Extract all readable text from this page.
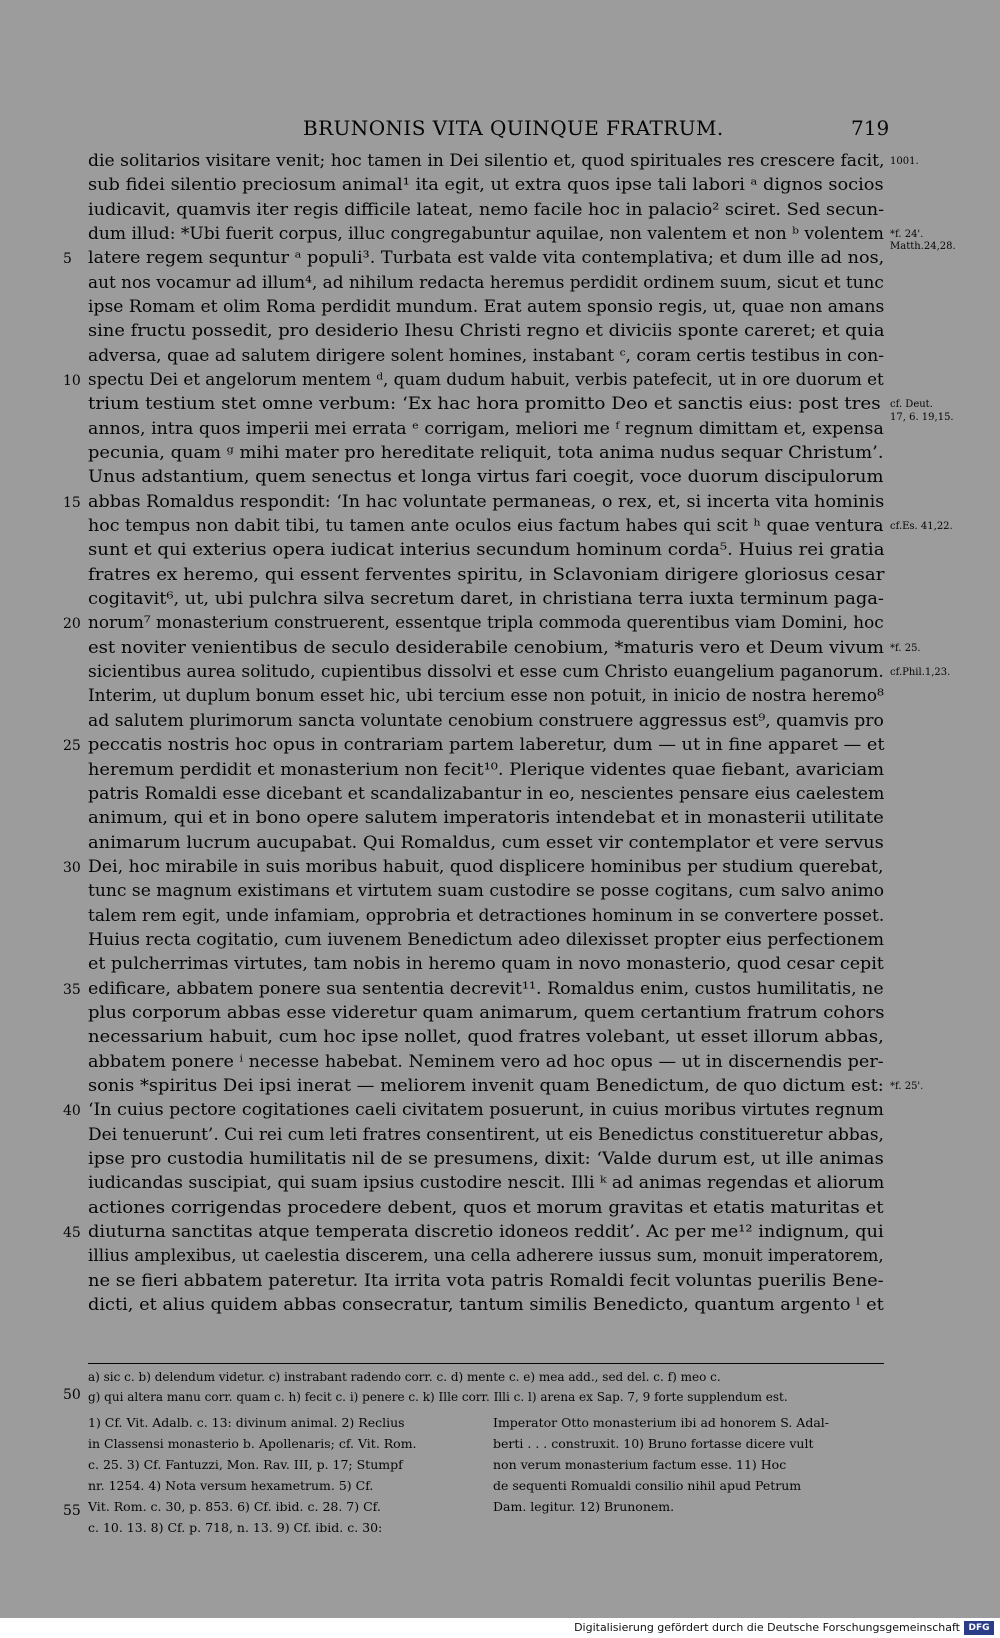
BRUNONIS VITA QUINQUE FRATRUM.	719
die solitarios visitare venit; hoc tamen in Dei silentio et, quod spirituales res crescere facit,
sub fidei silentio preciosum animal¹ ita egit, ut extra quos ipse tali labori ᵃ dignos socios
iudicavit, quamvis iter regis difficile lateat, nemo facile hoc in palacio² sciret. Sed secun-
dum illud: *Ubi fuerit corpus, illuc congregabuntur aquilae, non valentem et non ᵇ volentem
latere regem sequntur ᵃ populi³. Turbata est valde vita contemplativa; et dum ille ad nos,
aut nos vocamur ad illum⁴, ad nihilum redacta heremus perdidit ordinem suum, sicut et tunc
ipse Romam et olim Roma perdidit mundum. Erat autem sponsio regis, ut, quae non amans
sine fructu possedit, pro desiderio Ihesu Christi regno et diviciis sponte careret; et quia
adversa, quae ad salutem dirigere solent homines, instabant ᶜ, coram certis testibus in con-
spectu Dei et angelorum mentem ᵈ, quam dudum habuit, verbis patefecit, ut in ore duorum et
trium testium stet omne verbum: ‘Ex hac hora promitto Deo et sanctis eius: post tres
annos, intra quos imperii mei errata ᵉ corrigam, meliori me ᶠ regnum dimittam et, expensa
pecunia, quam ᵍ mihi mater pro hereditate reliquit, tota anima nudus sequar Christum’.
Unus adstantium, quem senectus et longa virtus fari coegit, voce duorum discipulorum
abbas Romaldus respondit: ‘In hac voluntate permaneas, o rex, et, si incerta vita hominis
hoc tempus non dabit tibi, tu tamen ante oculos eius factum habes qui scit ʰ quae ventura
sunt et qui exterius opera iudicat interius secundum hominum corda⁵. Huius rei gratia
fratres ex heremo, qui essent ferventes spiritu, in Sclavoniam dirigere gloriosus cesar
cogitavit⁶, ut, ubi pulchra silva secretum daret, in christiana terra iuxta terminum paga-
norum⁷ monasterium construerent, essentque tripla commoda querentibus viam Domini, hoc
est noviter venientibus de seculo desiderabile cenobium, *maturis vero et Deum vivum
sicientibus aurea solitudo, cupientibus dissolvi et esse cum Christo euangelium paganorum.
Interim, ut duplum bonum esset hic, ubi tercium esse non potuit, in inicio de nostra heremo⁸
ad salutem plurimorum sancta voluntate cenobium construere aggressus est⁹, quamvis pro
peccatis nostris hoc opus in contrariam partem laberetur, dum — ut in fine apparet — et
heremum perdidit et monasterium non fecit¹⁰. Plerique videntes quae fiebant, avariciam
patris Romaldi esse dicebant et scandalizabantur in eo, nescientes pensare eius caelestem
animum, qui et in bono opere salutem imperatoris intendebat et in monasterii utilitate
animarum lucrum aucupabat. Qui Romaldus, cum esset vir contemplator et vere servus
Dei, hoc mirabile in suis moribus habuit, quod displicere hominibus per studium querebat,
tunc se magnum existimans et virtutem suam custodire se posse cogitans, cum salvo animo
talem rem egit, unde infamiam, opprobria et detractiones hominum in se convertere posset.
Huius recta cogitatio, cum iuvenem Benedictum adeo dilexisset propter eius perfectionem
et pulcherrimas virtutes, tam nobis in heremo quam in novo monasterio, quod cesar cepit
edificare, abbatem ponere sua sententia decrevit¹¹. Romaldus enim, custos humilitatis, ne
plus corporum abbas esse videretur quam animarum, quem certantium fratrum cohors
necessarium habuit, cum hoc ipse nollet, quod fratres volebant, ut esset illorum abbas,
abbatem ponere ⁱ necesse habebat. Neminem vero ad hoc opus — ut in discernendis per-
sonis *spiritus Dei ipsi inerat — meliorem invenit quam Benedictum, de quo dictum est:
‘In cuius pectore cogitationes caeli civitatem posuerunt, in cuius moribus virtutes regnum
Dei tenuerunt’. Cui rei cum leti fratres consentirent, ut eis Benedictus constitueretur abbas,
ipse pro custodia humilitatis nil de se presumens, dixit: ‘Valde durum est, ut ille animas
iudicandas suscipiat, qui suam ipsius custodire nescit. Illi ᵏ ad animas regendas et aliorum
actiones corrigendas procedere debent, quos et morum gravitas et etatis maturitas et
diuturna sanctitas atque temperata discretio idoneos reddit’. Ac per me¹² indignum, qui
illius amplexibus, ut caelestia discerem, una cella adherere iussus sum, monuit imperatorem,
ne se fieri abbatem pateretur. Ita irrita vota patris Romaldi fecit voluntas puerilis Bene-
dicti, et alius quidem abbas consecratur, tantum similis Benedicto, quantum argento ˡ et
5
10
15
20
25
30
35
40
45
1001.
*f. 24'.
Matth.24,28.
cf. Deut.
17, 6. 19,15.
cf.Es. 41,22.
*f. 25.
cf.Phil.1,23.
*f. 25'.
a) sic c. b) delendum videtur. c) instrabant radendo corr. c. d) mente c. e) mea add., sed del. c. f) meo c.
50 g) qui altera manu corr. quam c. h) fecit c. i) penere c. k) Ille corr. Illi c. l) arena ex Sap. 7, 9 forte supplendum est.
1) Cf. Vit. Adalb. c. 13: divinum animal. 2) Reclius
in Classensi monasterio b. Apollenaris; cf. Vit. Rom.
c. 25. 3) Cf. Fantuzzi, Mon. Rav. III, p. 17; Stumpf
nr. 1254. 4) Nota versum hexametrum. 5) Cf.
Vit. Rom. c. 30, p. 853. 6) Cf. ibid. c. 28. 7) Cf.
c. 10. 13. 8) Cf. p. 718, n. 13. 9) Cf. ibid. c. 30:
Imperator Otto monasterium ibi ad honorem S. Adal-
berti . . . construxit. 10) Bruno fortasse dicere vult
non verum monasterium factum esse. 11) Hoc
de sequenti Romualdi consilio nihil apud Petrum
Dam. legitur. 12) Brunonem.
55
Digitalisierung gefördert durch die Deutsche Forschungsgemeinschaft DFG
